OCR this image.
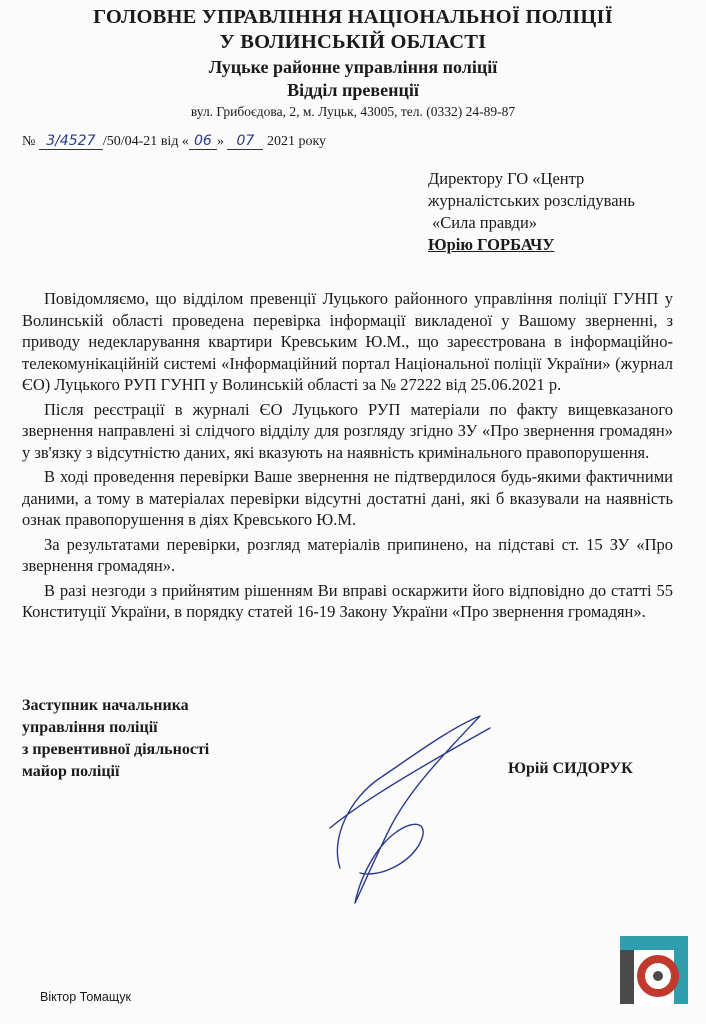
ГОЛОВНЕ УПРАВЛІННЯ НАЦІОНАЛЬНОЇ ПОЛІЦІЇ
У ВОЛИНСЬКІЙ ОБЛАСТІ
Луцьке районне управління поліції
Відділ превенції
вул. Грибоєдова, 2, м. Луцьк, 43005, тел. (0332) 24-89-87
№ 3/4527 /50/04-21 від « 06 » 07 2021 року
Директору ГО «Центр
журналістських розслідувань
«Сила правди»
Юрію ГОРБАЧУ

Повідомляємо, що відділом превенції Луцького районного управління поліції ГУНП у Волинській області проведена перевірка інформації викладеної у Вашому зверненні, з приводу недекларування квартири Кревським Ю.М., що зареєстрована в інформаційно-телекомунікаційній системі «Інформаційний портал Національної поліції України» (журнал ЄО) Луцького РУП ГУНП у Волинській області за № 27222 від 25.06.2021 р.

Після реєстрації в журналі ЄО Луцького РУП матеріали по факту вищевказаного звернення направлені зі слідчого відділу для розгляду згідно ЗУ «Про звернення громадян» у зв'язку з відсутністю даних, які вказують на наявність кримінального правопорушення.

В ході проведення перевірки Ваше звернення не підтвердилося будь-якими фактичними даними, а тому в матеріалах перевірки відсутні достатні дані, які б вказували на наявність ознак правопорушення в діях Кревського Ю.М.

За результатами перевірки, розгляд матеріалів припинено, на підставі ст. 15 ЗУ «Про звернення громадян».

В разі незгоди з прийнятим рішенням Ви вправі оскаржити його відповідно до статті 55 Конституції України, в порядку статей 16-19 Закону України «Про звернення громадян».

Заступник начальника
управління поліції
з превентивної діяльності
майор поліції	Юрій СИДОРУК
Віктор Томащук
